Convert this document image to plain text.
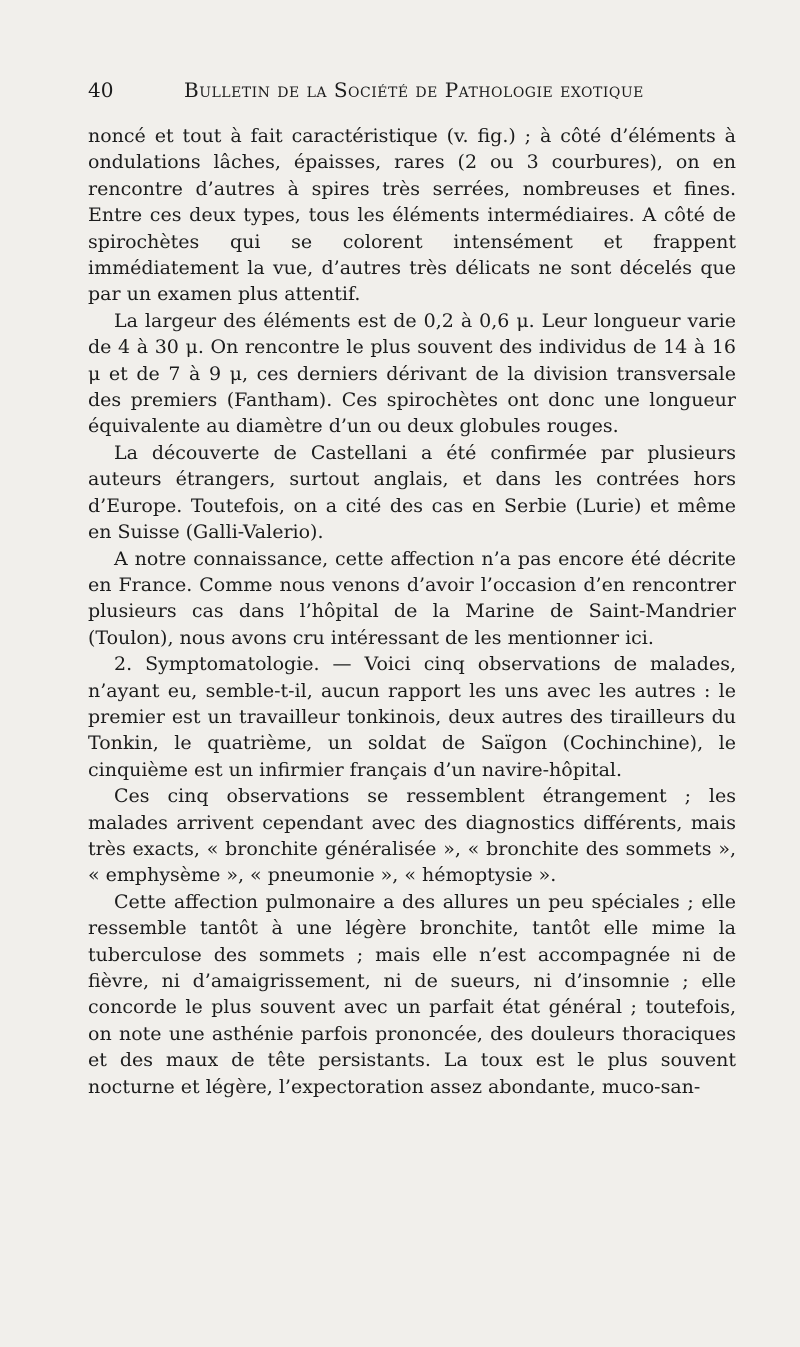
40	Bulletin de la Société de Pathologie exotique

noncé et tout à fait caractéristique (v. fig.) ; à côté d’éléments à ondulations lâches, épaisses, rares (2 ou 3 courbures), on en rencontre d’autres à spires très serrées, nombreuses et fines. Entre ces deux types, tous les éléments intermédiaires. A côté de spirochètes qui se colorent intensément et frappent immédiatement la vue, d’autres très délicats ne sont décelés que par un examen plus attentif.

La largeur des éléments est de 0,2 à 0,6 μ. Leur longueur varie de 4 à 30 μ. On rencontre le plus souvent des individus de 14 à 16 μ et de 7 à 9 μ, ces derniers dérivant de la division transversale des premiers (Fantham). Ces spirochètes ont donc une longueur équivalente au diamètre d’un ou deux globules rouges.

La découverte de Castellani a été confirmée par plusieurs auteurs étrangers, surtout anglais, et dans les contrées hors d’Europe. Toutefois, on a cité des cas en Serbie (Lurie) et même en Suisse (Galli-Valerio).

A notre connaissance, cette affection n’a pas encore été décrite en France. Comme nous venons d’avoir l’occasion d’en rencontrer plusieurs cas dans l’hôpital de la Marine de Saint-Mandrier (Toulon), nous avons cru intéressant de les mentionner ici.

2. Symptomatologie. — Voici cinq observations de malades, n’ayant eu, semble-t-il, aucun rapport les uns avec les autres : le premier est un travailleur tonkinois, deux autres des tirailleurs du Tonkin, le quatrième, un soldat de Saïgon (Cochinchine), le cinquième est un infirmier français d’un navire-hôpital.

Ces cinq observations se ressemblent étrangement ; les malades arrivent cependant avec des diagnostics différents, mais très exacts, « bronchite généralisée », « bronchite des sommets », « emphysème », « pneumonie », « hémoptysie ».

Cette affection pulmonaire a des allures un peu spéciales ; elle ressemble tantôt à une légère bronchite, tantôt elle mime la tuberculose des sommets ; mais elle n’est accompagnée ni de fièvre, ni d’amaigrissement, ni de sueurs, ni d’insomnie ; elle concorde le plus souvent avec un parfait état général ; toutefois, on note une asthénie parfois prononcée, des douleurs thoraciques et des maux de tête persistants. La toux est le plus souvent nocturne et légère, l’expectoration assez abondante, muco-san-
